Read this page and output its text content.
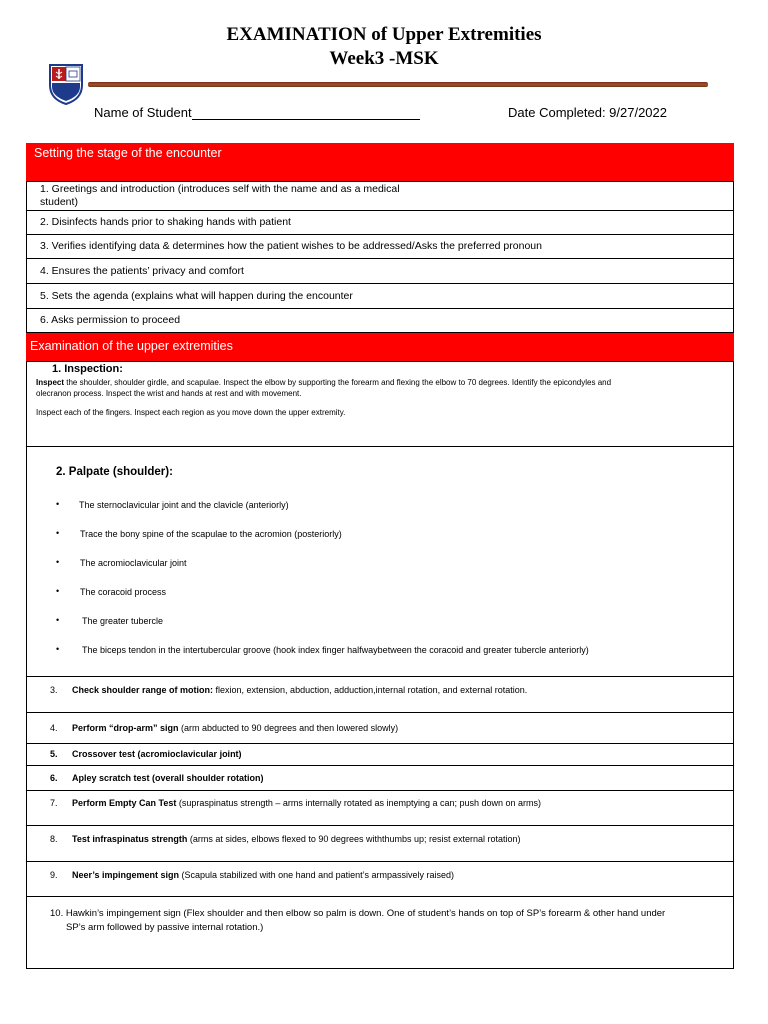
EXAMINATION of Upper Extremities
Week3 -MSK
Name of Student	Date Completed: 9/27/2022
Setting the stage of the encounter
1. Greetings and introduction (introduces self with the name and as a medical
student)
2. Disinfects hands prior to shaking hands with patient
3. Verifies identifying data & determines how the patient wishes to be addressed/Asks the preferred pronoun
4. Ensures the patients’ privacy and comfort
5. Sets the agenda (explains what will happen during the encounter
6. Asks permission to proceed
Examination of the upper extremities
1. Inspection:
Inspect the shoulder, shoulder girdle, and scapulae. Inspect the elbow by supporting the forearm and flexing the elbow to 70 degrees. Identify the epicondyles and
olecranon process. Inspect the wrist and hands at rest and with movement.
Inspect each of the fingers. Inspect each region as you move down the upper extremity.
2. Palpate (shoulder):
• The sternoclavicular joint and the clavicle (anteriorly)
• Trace the bony spine of the scapulae to the acromion (posteriorly)
• The acromioclavicular joint
• The coracoid process
•	The greater tubercle
•	The biceps tendon in the intertubercular groove (hook index finger halfwaybetween the coracoid and greater tubercle anteriorly)
3. Check shoulder range of motion: flexion, extension, abduction, adduction,internal rotation, and external rotation.
4. Perform “drop-arm” sign (arm abducted to 90 degrees and then lowered slowly)
5. Crossover test (acromioclavicular joint)
6. Apley scratch test (overall shoulder rotation)
7. Perform Empty Can Test (supraspinatus strength – arms internally rotated as inemptying a can; push down on arms)
8. Test infraspinatus strength (arms at sides, elbows flexed to 90 degrees withthumbs up; resist external rotation)
9. Neer’s impingement sign (Scapula stabilized with one hand and patient’s armpassively raised)
10. Hawkin’s impingement sign (Flex shoulder and then elbow so palm is down. One of student’s hands on top of SP’s forearm & other hand under
SP’s arm followed by passive internal rotation.)
